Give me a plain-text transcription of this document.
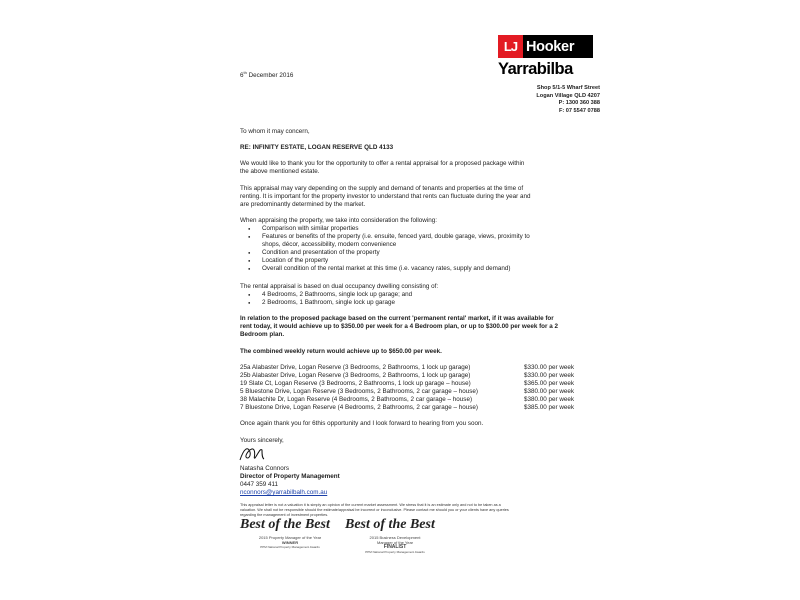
LJ Hooker
Yarrabilba
Shop 5/1-5 Wharf Street
Logan Village QLD 4207
P: 1300 360 388
F: 07 5547 0788
6th December 2016
To whom it may concern,
RE: INFINITY ESTATE, LOGAN RESERVE QLD 4133
We would like to thank you for the opportunity to offer a rental appraisal for a proposed package within
the above mentioned estate.
This appraisal may vary depending on the supply and demand of tenants and properties at the time of
renting. It is important for the property investor to understand that rents can fluctuate during the year and
are predominantly determined by the market.
When appraising the property, we take into consideration the following:
● Comparison with similar properties
● Features or benefits of the property (i.e. ensuite, fenced yard, double garage, views, proximity to
shops, décor, accessibility, modern convenience
● Condition and presentation of the property
● Location of the property
● Overall condition of the rental market at this time (i.e. vacancy rates, supply and demand)
The rental appraisal is based on dual occupancy dwelling consisting of:
● 4 Bedrooms, 2 Bathrooms, single lock up garage; and
● 2 Bedrooms, 1 Bathroom, single lock up garage
In relation to the proposed package based on the current 'permanent rental' market, if it was available for
rent today, it would achieve up to $350.00 per week for a 4 Bedroom plan, or up to $300.00 per week for a 2
Bedroom plan.
The combined weekly return would achieve up to $650.00 per week.
25a Alabaster Drive, Logan Reserve (3 Bedrooms, 2 Bathrooms, 1 lock up garage)	$330.00 per week
25b Alabaster Drive, Logan Reserve (3 Bedrooms, 2 Bathrooms, 1 lock up garage)	$330.00 per week
19 Slate Ct, Logan Reserve (3 Bedrooms, 2 Bathrooms, 1 lock up garage – house)	$365.00 per week
5 Bluestone Drive, Logan Reserve (3 Bedrooms, 2 Bathrooms, 2 car garage – house)	$380.00 per week
38 Malachite Dr, Logan Reserve (4 Bedrooms, 2 Bathrooms, 2 car garage – house)	$380.00 per week
7 Bluestone Drive, Logan Reserve (4 Bedrooms, 2 Bathrooms, 2 car garage – house)	$385.00 per week
Once again thank you for 6this opportunity and I look forward to hearing from you soon.
Yours sincerely,
Natasha Connors
Director of Property Management
0447 359 411
nconnors@yarrabilbalh.com.au
This appraisal letter is not a valuation it is simply an opinion of the current market assessment. We stress that it is an estimate only and not to be taken as a
valuation. We shall not be responsible should the estimate/appraisal be incorrect or inconclusive. Please contact me should you or your clients have any queries
regarding the management of investment properties.
Best of the Best
2015 Property Manager of the Year
WINNER
PPM National Property Management Awards
Best of the Best
2015 Business Development
Manager of the Year
FINALIST
PPM National Property Management Awards
